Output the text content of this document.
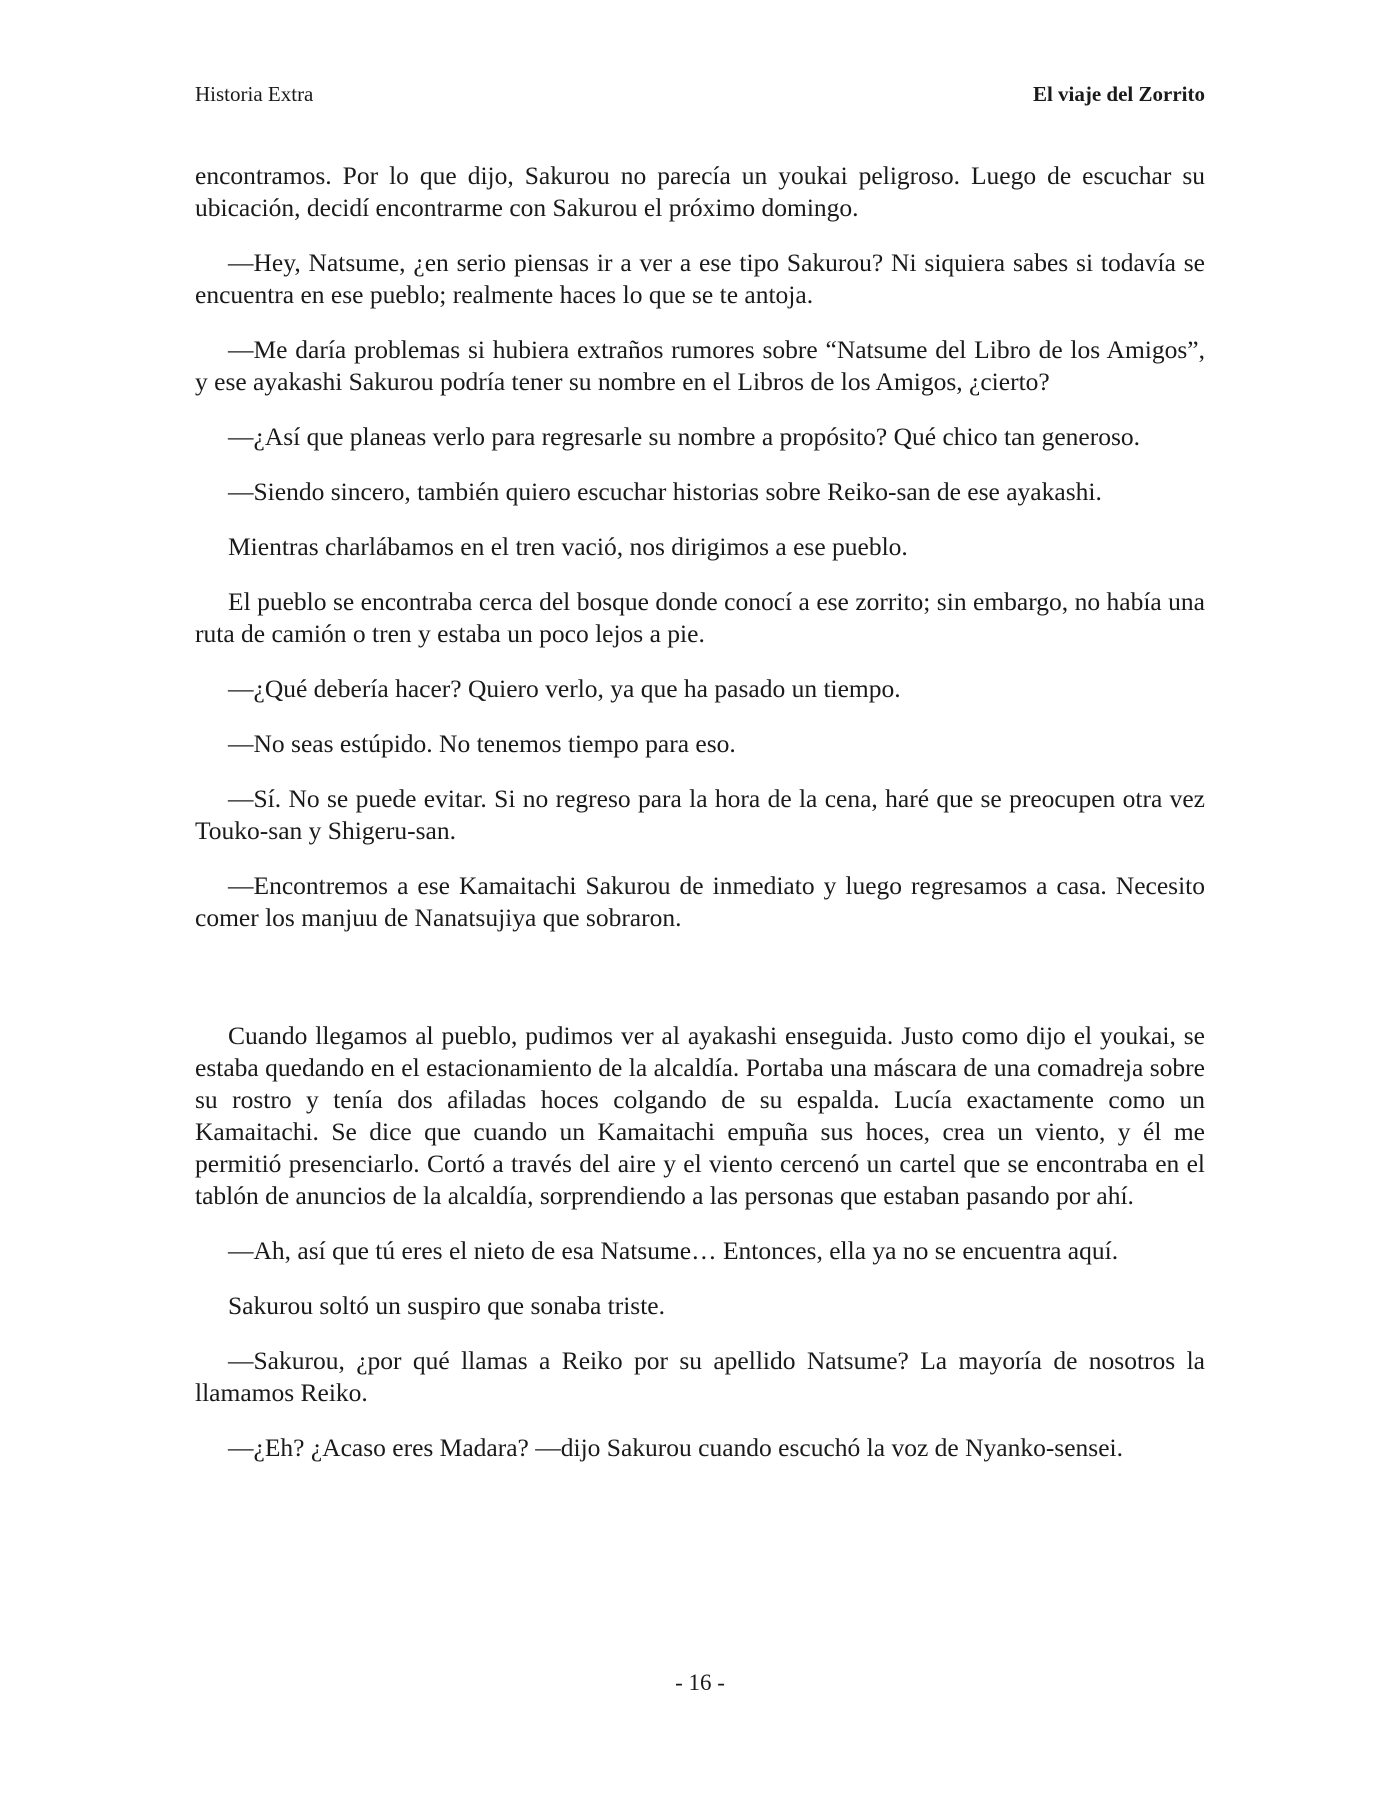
Historia Extra	El viaje del Zorrito

encontramos. Por lo que dijo, Sakurou no parecía un youkai peligroso. Luego de escuchar su ubicación, decidí encontrarme con Sakurou el próximo domingo.

—Hey, Natsume, ¿en serio piensas ir a ver a ese tipo Sakurou? Ni siquiera sabes si todavía se encuentra en ese pueblo; realmente haces lo que se te antoja.

—Me daría problemas si hubiera extraños rumores sobre “Natsume del Libro de los Amigos”, y ese ayakashi Sakurou podría tener su nombre en el Libros de los Amigos, ¿cierto?

—¿Así que planeas verlo para regresarle su nombre a propósito? Qué chico tan generoso.

—Siendo sincero, también quiero escuchar historias sobre Reiko-san de ese ayakashi.

Mientras charlábamos en el tren vació, nos dirigimos a ese pueblo.

El pueblo se encontraba cerca del bosque donde conocí a ese zorrito; sin embargo, no había una ruta de camión o tren y estaba un poco lejos a pie.

—¿Qué debería hacer? Quiero verlo, ya que ha pasado un tiempo.

—No seas estúpido. No tenemos tiempo para eso.

—Sí. No se puede evitar. Si no regreso para la hora de la cena, haré que se preocupen otra vez Touko-san y Shigeru-san.

—Encontremos a ese Kamaitachi Sakurou de inmediato y luego regresamos a casa. Necesito comer los manjuu de Nanatsujiya que sobraron.

Cuando llegamos al pueblo, pudimos ver al ayakashi enseguida. Justo como dijo el youkai, se estaba quedando en el estacionamiento de la alcaldía. Portaba una máscara de una comadreja sobre su rostro y tenía dos afiladas hoces colgando de su espalda. Lucía exactamente como un Kamaitachi. Se dice que cuando un Kamaitachi empuña sus hoces, crea un viento, y él me permitió presenciarlo. Cortó a través del aire y el viento cercenó un cartel que se encontraba en el tablón de anuncios de la alcaldía, sorprendiendo a las personas que estaban pasando por ahí.

—Ah, así que tú eres el nieto de esa Natsume… Entonces, ella ya no se encuentra aquí.

Sakurou soltó un suspiro que sonaba triste.

—Sakurou, ¿por qué llamas a Reiko por su apellido Natsume? La mayoría de nosotros la llamamos Reiko.

—¿Eh? ¿Acaso eres Madara? —dijo Sakurou cuando escuchó la voz de Nyanko-sensei.

- 16 -
